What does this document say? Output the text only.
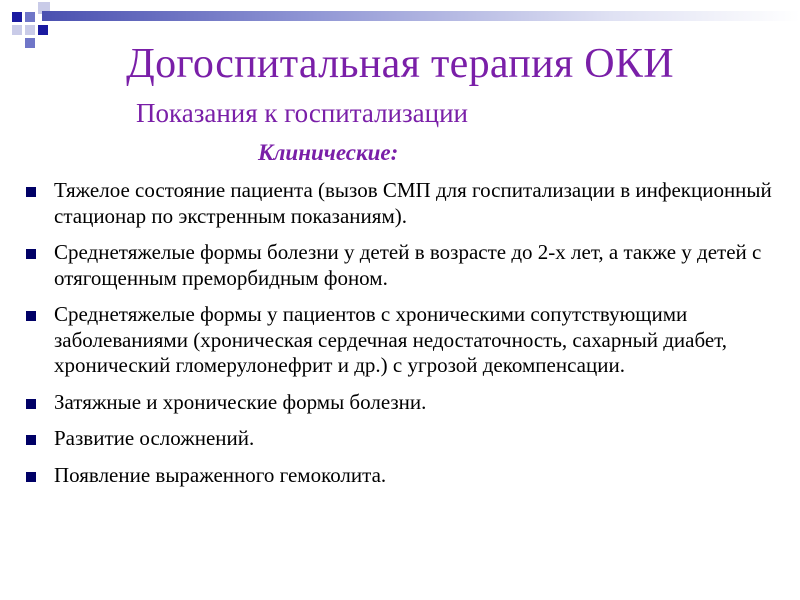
Догоспитальная терапия ОКИ
Показания к госпитализации
Клинические:
Тяжелое состояние пациента (вызов СМП для госпитализации в инфекционный стационар по экстренным показаниям).
Среднетяжелые формы болезни у детей в возрасте до 2-х лет, а также у детей с отягощенным преморбидным фоном.
Среднетяжелые формы у пациентов с хроническими сопутствующими заболеваниями (хроническая сердечная недостаточность, сахарный диабет, хронический гломерулонефрит и др.) с угрозой декомпенсации.
Затяжные и хронические формы болезни.
Развитие осложнений.
Появление выраженного гемоколита.
